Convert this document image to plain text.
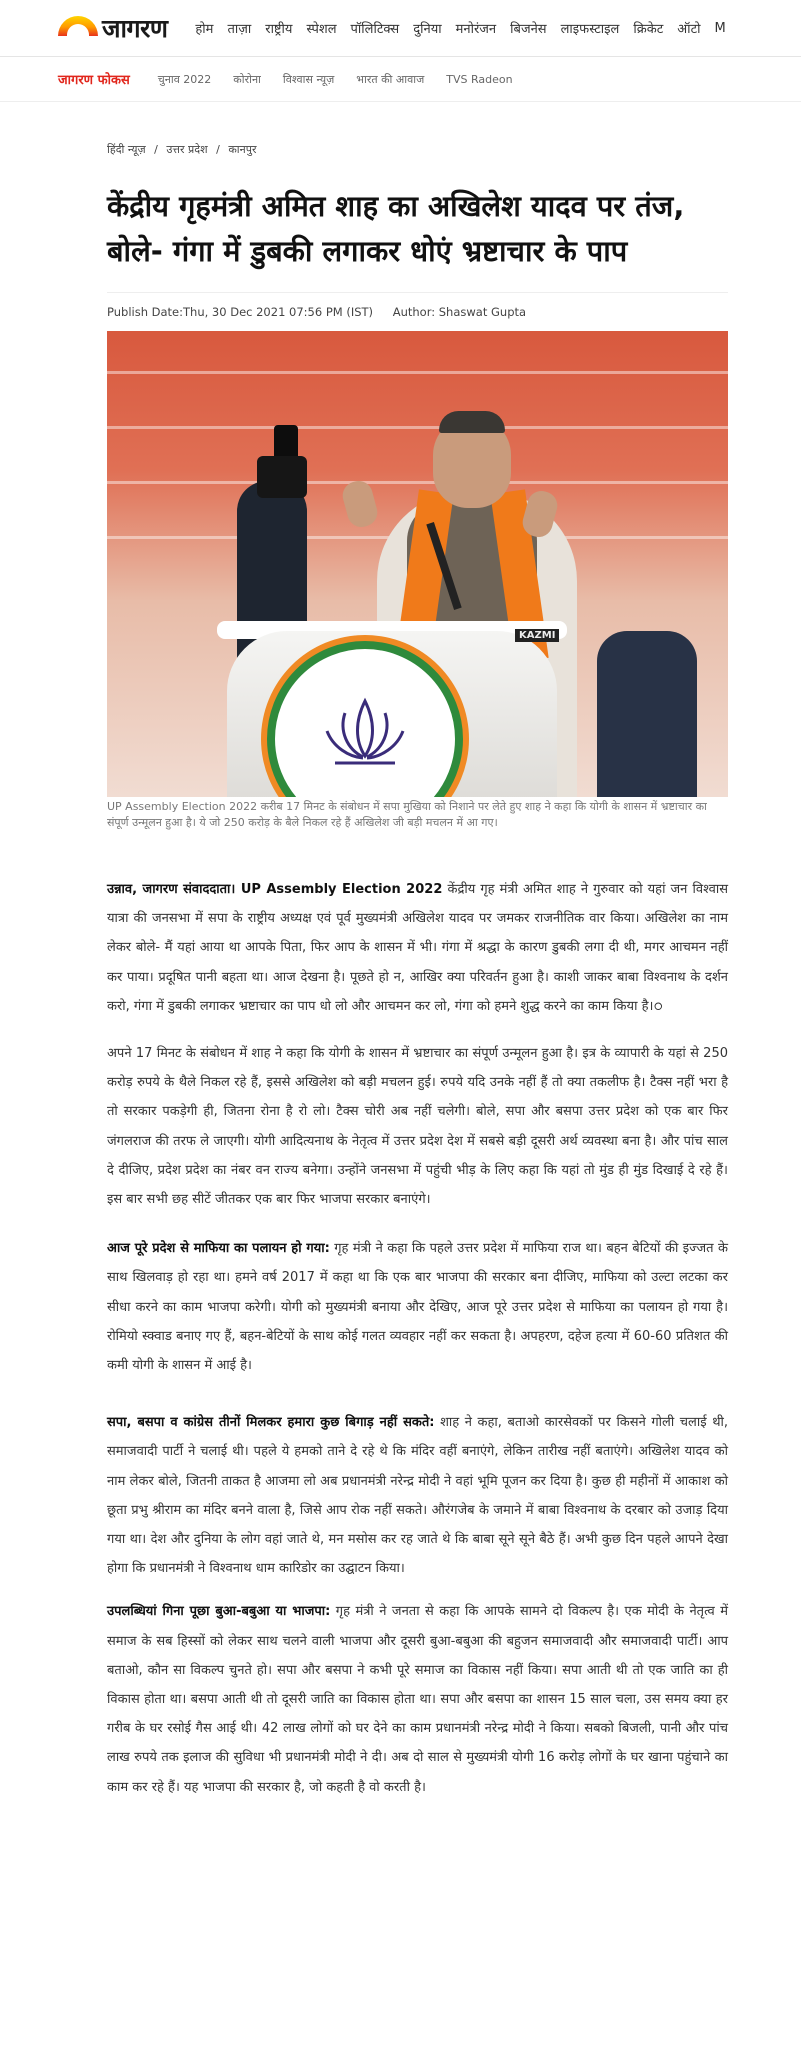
जागरण होम ताज़ा राष्ट्रीय स्पेशल पॉलिटिक्स दुनिया मनोरंजन बिजनेस लाइफस्टाइल क्रिकेट ऑटो M
जागरण फोकस	चुनाव 2022 कोरोना विश्वास न्यूज़ भारत की आवाज TVS Radeon
हिंदी न्यूज़ / उत्तर प्रदेश / कानपुर
केंद्रीय गृहमंत्री अमित शाह का अखिलेश यादव पर तंज, बोले- गंगा में डुबकी लगाकर धोएं भ्रष्टाचार के पाप
Publish Date:Thu, 30 Dec 2021 07:56 PM (IST) Author: Shaswat Gupta
KAZMI
UP Assembly Election 2022 करीब 17 मिनट के संबोधन में सपा मुखिया को निशाने पर लेते हुए शाह ने कहा कि योगी के शासन में भ्रष्टाचार का संपूर्ण उन्मूलन हुआ है। ये जो 250 करोड़ के बैले निकल रहे हैं अखिलेश जी बड़ी मचलन में आ गए।

उन्नाव, जागरण संवाददाता। UP Assembly Election 2022 केंद्रीय गृह मंत्री अमित शाह ने गुरुवार को यहां जन विश्वास यात्रा की जनसभा में सपा के राष्ट्रीय अध्यक्ष एवं पूर्व मुख्यमंत्री अखिलेश यादव पर जमकर राजनीतिक वार किया। अखिलेश का नाम लेकर बोले- मैं यहां आया था आपके पिता, फिर आप के शासन में भी। गंगा में श्रद्धा के कारण डुबकी लगा दी थी, मगर आचमन नहीं कर पाया। प्रदूषित पानी बहता था। आज देखना है। पूछते हो न, आखिर क्या परिवर्तन हुआ है। काशी जाकर बाबा विश्वनाथ के दर्शन करो, गंगा में डुबकी लगाकर भ्रष्टाचार का पाप धो लो और आचमन कर लो, गंगा को हमने शुद्ध करने का काम किया है।ഠ

अपने 17 मिनट के संबोधन में शाह ने कहा कि योगी के शासन में भ्रष्टाचार का संपूर्ण उन्मूलन हुआ है। इत्र के व्यापारी के यहां से 250 करोड़ रुपये के थैले निकल रहे हैं, इससे अखिलेश को बड़ी मचलन हुई। रुपये यदि उनके नहीं हैं तो क्या तकलीफ है। टैक्स नहीं भरा है तो सरकार पकड़ेगी ही, जितना रोना है रो लो। टैक्स चोरी अब नहीं चलेगी। बोले, सपा और बसपा उत्तर प्रदेश को एक बार फिर जंगलराज की तरफ ले जाएगी। योगी आदित्यनाथ के नेतृत्व में उत्तर प्रदेश देश में सबसे बड़ी दूसरी अर्थ व्यवस्था बना है। और पांच साल दे दीजिए, प्रदेश प्रदेश का नंबर वन राज्य बनेगा। उन्होंने जनसभा में पहुंची भीड़ के लिए कहा कि यहां तो मुंड ही मुंड दिखाई दे रहे हैं। इस बार सभी छह सीटें जीतकर एक बार फिर भाजपा सरकार बनाएंगे।

आज पूरे प्रदेश से माफिया का पलायन हो गया: गृह मंत्री ने कहा कि पहले उत्तर प्रदेश में माफिया राज था। बहन बेटियों की इज्जत के साथ खिलवाड़ हो रहा था। हमने वर्ष 2017 में कहा था कि एक बार भाजपा की सरकार बना दीजिए, माफिया को उल्टा लटका कर सीधा करने का काम भाजपा करेगी। योगी को मुख्यमंत्री बनाया और देखिए, आज पूरे उत्तर प्रदेश से माफिया का पलायन हो गया है। रोमियो स्क्वाड बनाए गए हैं, बहन-बेटियों के साथ कोई गलत व्यवहार नहीं कर सकता है। अपहरण, दहेज हत्या में 60-60 प्रतिशत की कमी योगी के शासन में आई है।

सपा, बसपा व कांग्रेस तीनों मिलकर हमारा कुछ बिगाड़ नहीं सकते: शाह ने कहा, बताओ कारसेवकों पर किसने गोली चलाई थी, समाजवादी पार्टी ने चलाई थी। पहले ये हमको ताने दे रहे थे कि मंदिर वहीं बनाएंगे, लेकिन तारीख नहीं बताएंगे। अखिलेश यादव को नाम लेकर बोले, जितनी ताकत है आजमा लो अब प्रधानमंत्री नरेन्द्र मोदी ने वहां भूमि पूजन कर दिया है। कुछ ही महीनों में आकाश को छूता प्रभु श्रीराम का मंदिर बनने वाला है, जिसे आप रोक नहीं सकते। औरंगजेब के जमाने में बाबा विश्वनाथ के दरबार को उजाड़ दिया गया था। देश और दुनिया के लोग वहां जाते थे, मन मसोस कर रह जाते थे कि बाबा सूने सूने बैठे हैं। अभी कुछ दिन पहले आपने देखा होगा कि प्रधानमंत्री ने विश्वनाथ धाम कारिडोर का उद्घाटन किया।

उपलब्धियां गिना पूछा बुआ-बबुआ या भाजपा: गृह मंत्री ने जनता से कहा कि आपके सामने दो विकल्प है। एक मोदी के नेतृत्व में समाज के सब हिस्सों को लेकर साथ चलने वाली भाजपा और दूसरी बुआ-बबुआ की बहुजन समाजवादी और समाजवादी पार्टी। आप बताओ, कौन सा विकल्प चुनते हो। सपा और बसपा ने कभी पूरे समाज का विकास नहीं किया। सपा आती थी तो एक जाति का ही विकास होता था। बसपा आती थी तो दूसरी जाति का विकास होता था। सपा और बसपा का शासन 15 साल चला, उस समय क्या हर गरीब के घर रसोई गैस आई थी। 42 लाख लोगों को घर देने का काम प्रधानमंत्री नरेन्द्र मोदी ने किया। सबको बिजली, पानी और पांच लाख रुपये तक इलाज की सुविधा भी प्रधानमंत्री मोदी ने दी। अब दो साल से मुख्यमंत्री योगी 16 करोड़ लोगों के घर खाना पहुंचाने का काम कर रहे हैं। यह भाजपा की सरकार है, जो कहती है वो करती है।
